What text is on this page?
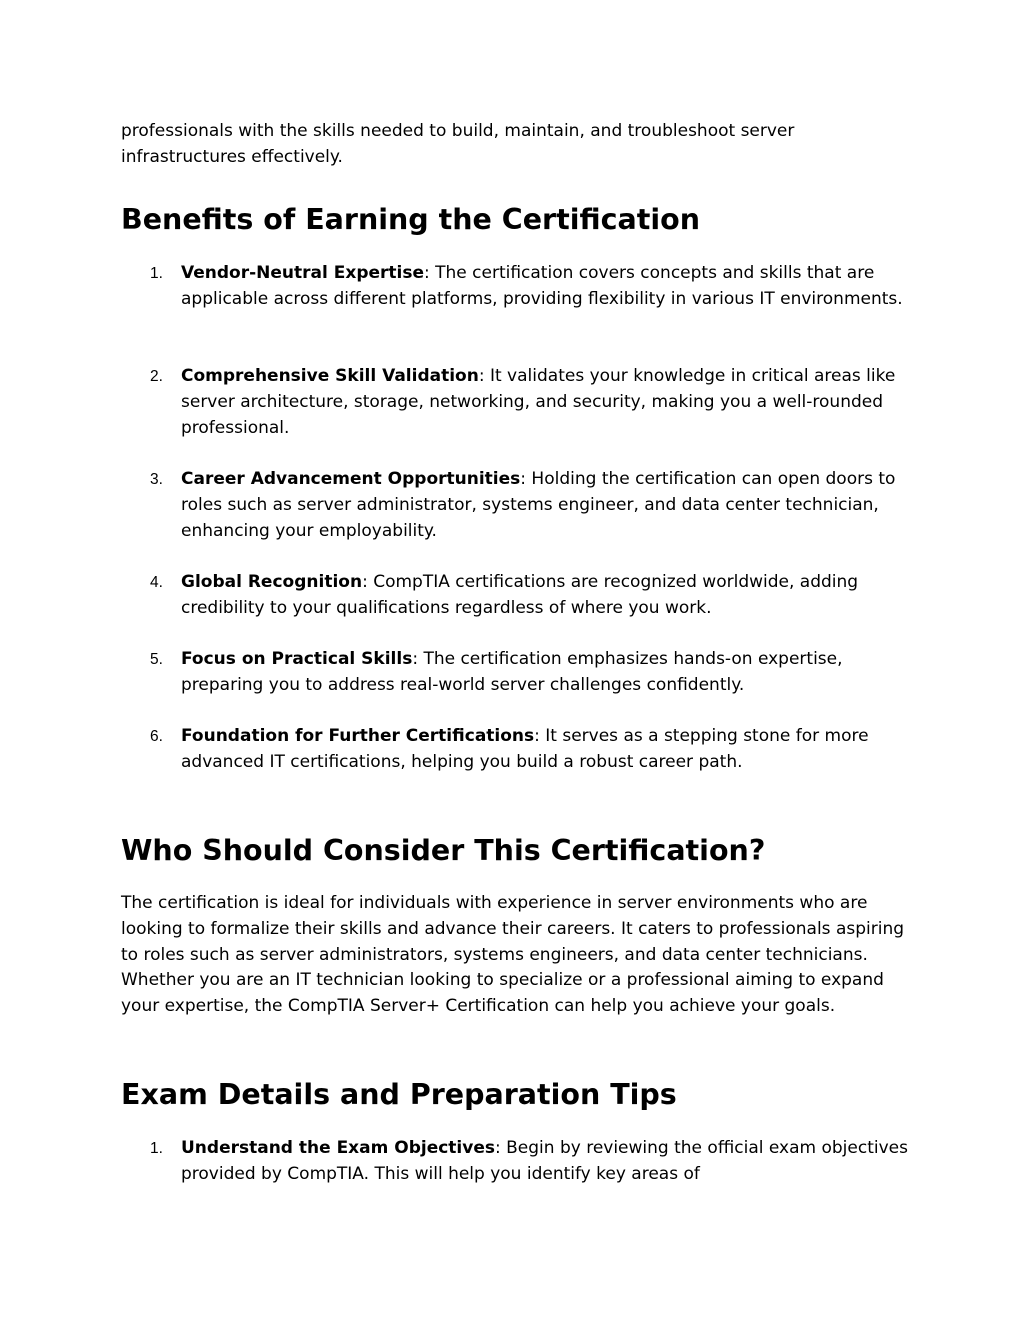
professionals with the skills needed to build, maintain, and troubleshoot server infrastructures effectively.

Benefits of Earning the Certification
1.	Vendor-Neutral Expertise: The certification covers concepts and skills that are applicable across different platforms, providing flexibility in various IT environments.

2.	Comprehensive Skill Validation: It validates your knowledge in critical areas like server architecture, storage, networking, and security, making you a well-rounded professional.

3.	Career Advancement Opportunities: Holding the certification can open doors to roles such as server administrator, systems engineer, and data center technician, enhancing your employability.

4.	Global Recognition: CompTIA certifications are recognized worldwide, adding credibility to your qualifications regardless of where you work.

5.	Focus on Practical Skills: The certification emphasizes hands-on expertise, preparing you to address real-world server challenges confidently.

6.	Foundation for Further Certifications: It serves as a stepping stone for more advanced IT certifications, helping you build a robust career path.

Who Should Consider This Certification?

The certification is ideal for individuals with experience in server environments who are looking to formalize their skills and advance their careers. It caters to professionals aspiring to roles such as server administrators, systems engineers, and data center technicians. Whether you are an IT technician looking to specialize or a professional aiming to expand your expertise, the CompTIA Server+ Certification can help you achieve your goals.

Exam Details and Preparation Tips
1.	Understand the Exam Objectives: Begin by reviewing the official exam objectives provided by CompTIA. This will help you identify key areas of
